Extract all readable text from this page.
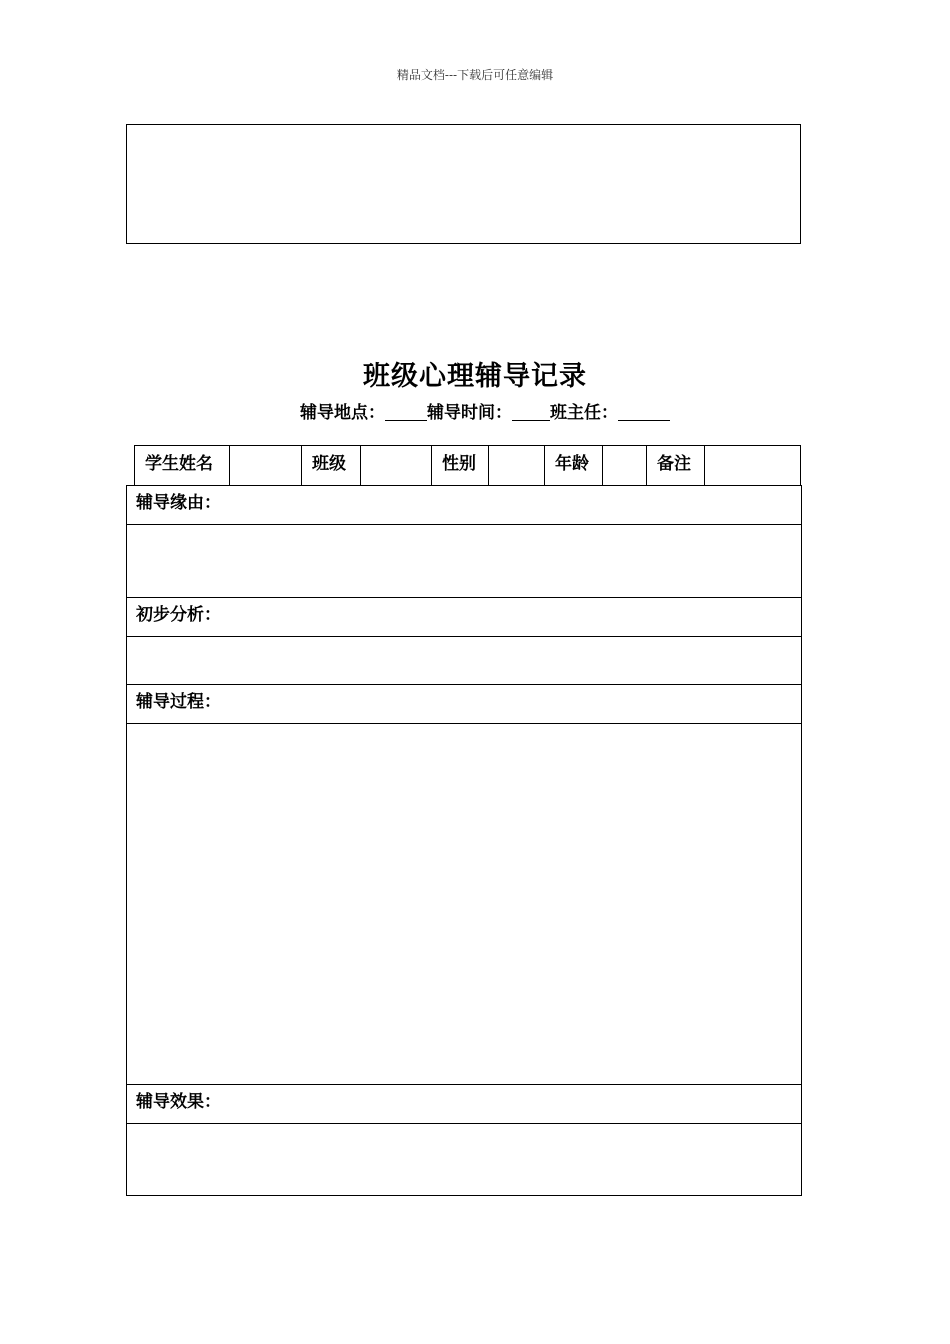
精品文档---下载后可任意编辑
班级心理辅导记录
辅导地点： 辅导时间： 班主任：
学生姓名	班级	性别	年龄	备注
辅导缘由：
初步分析：
辅导过程：
辅导效果：
